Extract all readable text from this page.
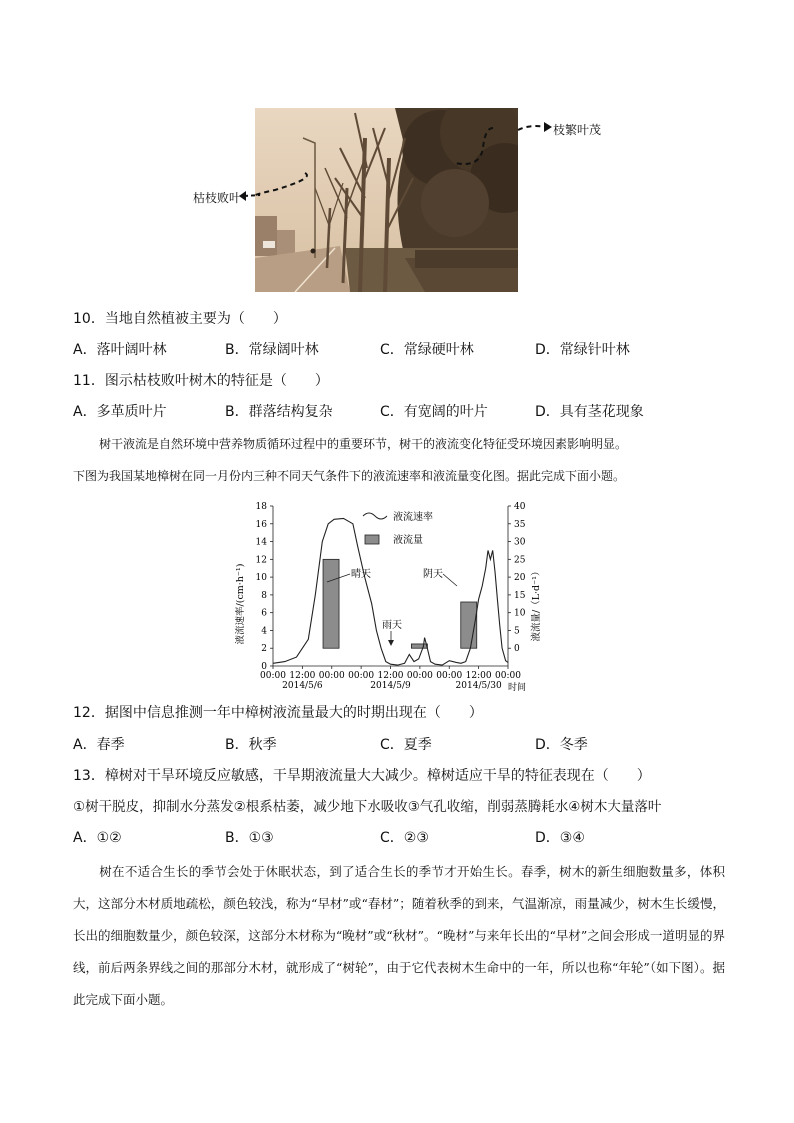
枝繁叶茂
枯枝败叶
10．当地自然植被主要为（　　）
A．落叶阔叶林	B．常绿阔叶林	C．常绿硬叶林	D．常绿针叶林
11．图示枯枝败叶树木的特征是（　　）
A．多革质叶片	B．群落结构复杂	C．有宽阔的叶片	D．具有茎花现象
树干液流是自然环境中营养物质循环过程中的重要环节，树干的液流变化特征受环境因素影响明显。
下图为我国某地樟树在同一月份内三种不同天气条件下的液流速率和液流量变化图。据此完成下面小题。
0
2
4
6
8
10
12
14
16
18
0
5
10
15
20
25
30
35
40
00:00 12:00 00:00 00:00 12:00 00:00 00:00 12:00 00:00
液流速率/(cm·h⁻¹)	液流量/（L·d⁻¹）
液流速率
液流量
晴天
雨天
阴天
时间
2014/5/6	2014/5/9	2014/5/30
12．据图中信息推测一年中樟树液流量最大的时期出现在（　　）
A．春季	B．秋季	C．夏季	D．冬季
13．樟树对干旱环境反应敏感，干旱期液流量大大减少。樟树适应干旱的特征表现在（　　）
①树干脱皮，抑制水分蒸发②根系枯萎，减少地下水吸收③气孔收缩，削弱蒸腾耗水④树木大量落叶
A．①②	B．①③	C．②③	D．③④
树在不适合生长的季节会处于休眠状态，到了适合生长的季节才开始生长。春季，树木的新生细胞数量多，体积大，这部分木材质地疏松，颜色较浅，称为“早材”或“春材”；随着秋季的到来，气温渐凉，雨量减少，树木生长缓慢，长出的细胞数量少，颜色较深，这部分木材称为“晚材”或“秋材”。“晚材”与来年长出的“早材”之间会形成一道明显的界线，前后两条界线之间的那部分木材，就形成了“树轮”，由于它代表树木生命中的一年，所以也称“年轮”（如下图）。据此完成下面小题。
